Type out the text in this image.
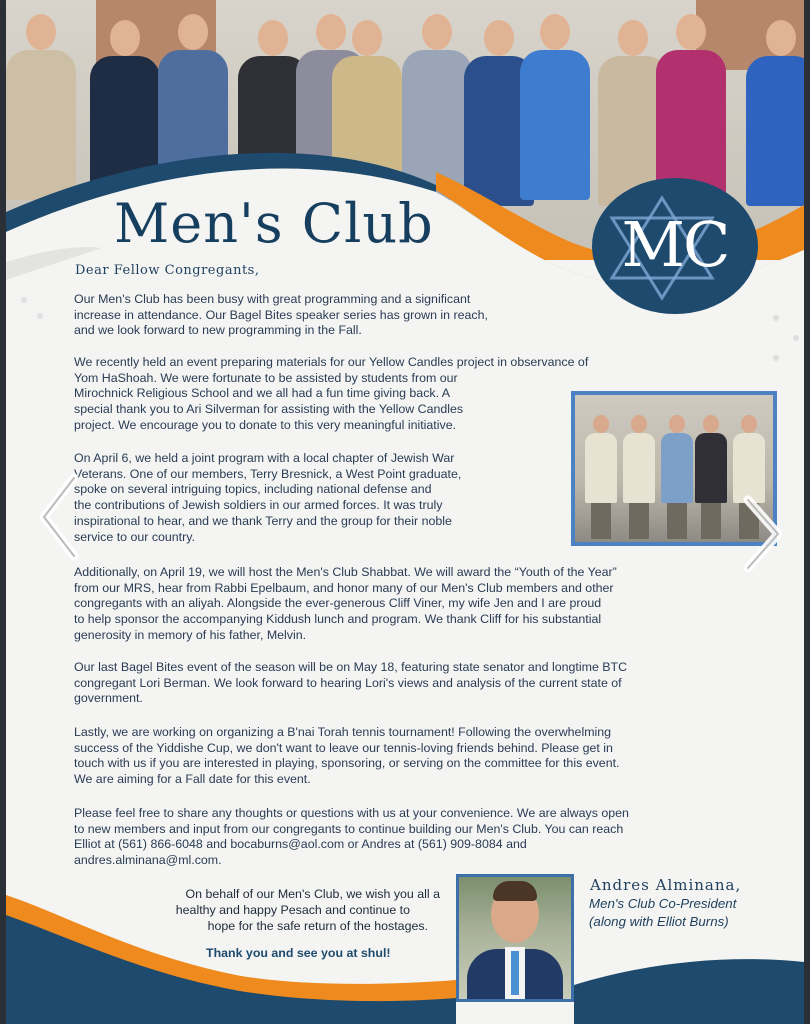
Men's Club	MC

Dear Fellow Congregants,

Our Men's Club has been busy with great programming and a significant
increase in attendance. Our Bagel Bites speaker series has grown in reach,
and we look forward to new programming in the Fall.

We recently held an event preparing materials for our Yellow Candles project in observance of
Yom HaShoah. We were fortunate to be assisted by students from our
Mirochnick Religious School and we all had a fun time giving back. A
special thank you to Ari Silverman for assisting with the Yellow Candles
project. We encourage you to donate to this very meaningful initiative.

On April 6, we held a joint program with a local chapter of Jewish War
Veterans. One of our members, Terry Bresnick, a West Point graduate,
spoke on several intriguing topics, including national defense and
the contributions of Jewish soldiers in our armed forces. It was truly
inspirational to hear, and we thank Terry and the group for their noble
service to our country.

Additionally, on April 19, we will host the Men's Club Shabbat. We will award the “Youth of the Year”
from our MRS, hear from Rabbi Epelbaum, and honor many of our Men's Club members and other
congregants with an aliyah. Alongside the ever-generous Cliff Viner, my wife Jen and I are proud
to help sponsor the accompanying Kiddush lunch and program. We thank Cliff for his substantial
generosity in memory of his father, Melvin.

Our last Bagel Bites event of the season will be on May 18, featuring state senator and longtime BTC
congregant Lori Berman. We look forward to hearing Lori's views and analysis of the current state of
government.

Lastly, we are working on organizing a B'nai Torah tennis tournament! Following the overwhelming
success of the Yiddishe Cup, we don't want to leave our tennis-loving friends behind. Please get in
touch with us if you are interested in playing, sponsoring, or serving on the committee for this event.
We are aiming for a Fall date for this event.

Please feel free to share any thoughts or questions with us at your convenience. We are always open
to new members and input from our congregants to continue building our Men's Club. You can reach
Elliot at (561) 866-6048 and bocaburns@aol.com or Andres at (561) 909-8084 and
andres.alminana@ml.com.

On behalf of our Men's Club, we wish you all a

healthy and happy Pesach and continue to

hope for the safe return of the hostages.

Thank you and see you at shul!

Andres Alminana,

Men's Club Co-President

(along with Elliot Burns)
